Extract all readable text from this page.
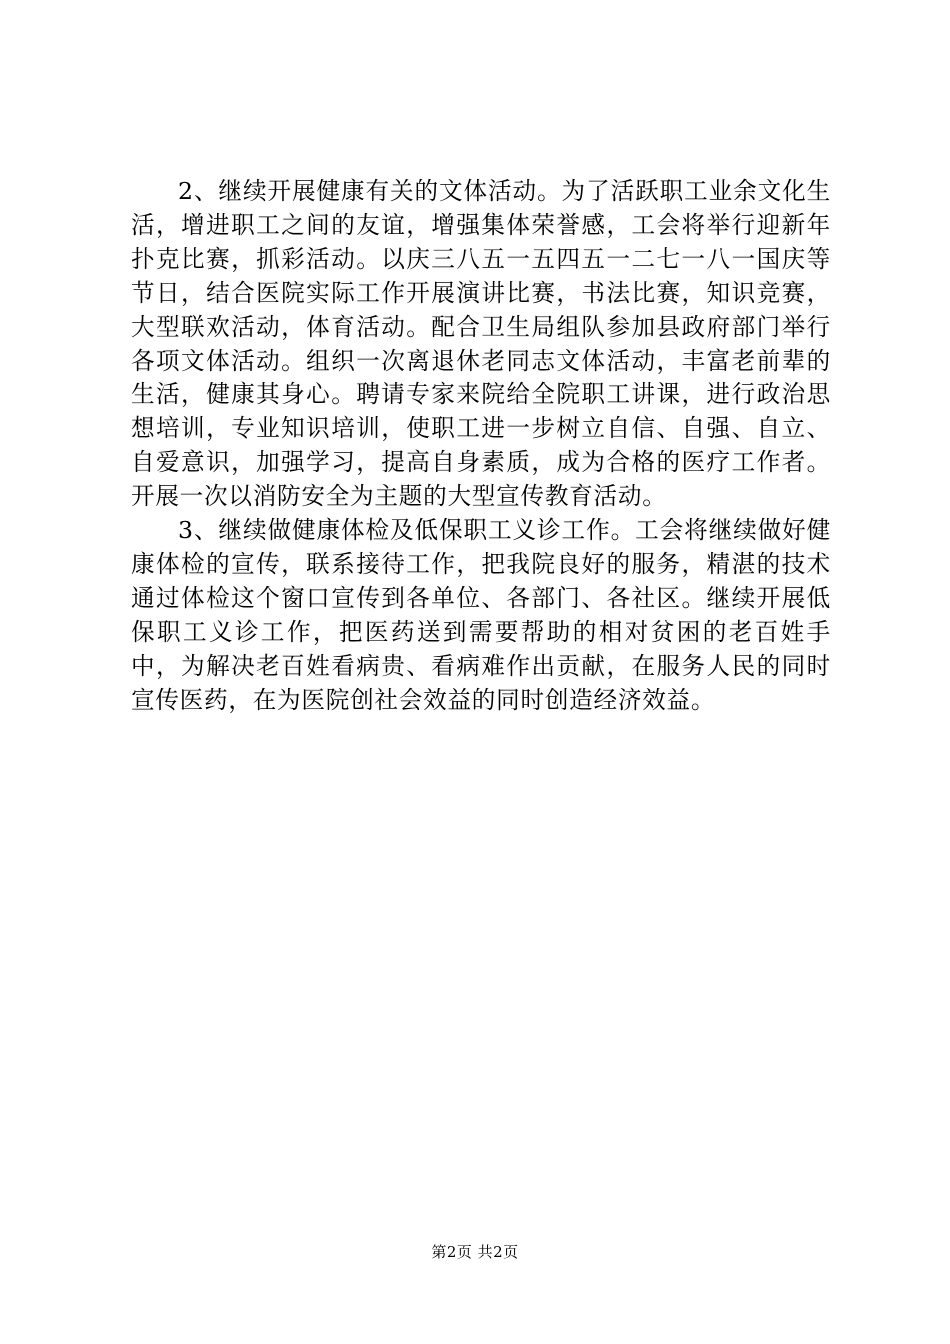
2、继续开展健康有关的文体活动。为了活跃职工业余文化生活，增进职工之间的友谊，增强集体荣誉感，工会将举行迎新年扑克比赛，抓彩活动。以庆三八五一五四五一二七一八一国庆等节日，结合医院实际工作开展演讲比赛，书法比赛，知识竞赛，大型联欢活动，体育活动。配合卫生局组队参加县政府部门举行各项文体活动。组织一次离退休老同志文体活动，丰富老前辈的生活，健康其身心。聘请专家来院给全院职工讲课，进行政治思想培训，专业知识培训，使职工进一步树立自信、自强、自立、自爱意识，加强学习，提高自身素质，成为合格的医疗工作者。开展一次以消防安全为主题的大型宣传教育活动。

3、继续做健康体检及低保职工义诊工作。工会将继续做好健康体检的宣传，联系接待工作，把我院良好的服务，精湛的技术通过体检这个窗口宣传到各单位、各部门、各社区。继续开展低保职工义诊工作，把医药送到需要帮助的相对贫困的老百姓手中，为解决老百姓看病贵、看病难作出贡献，在服务人民的同时宣传医药，在为医院创社会效益的同时创造经济效益。

第2页 共2页
